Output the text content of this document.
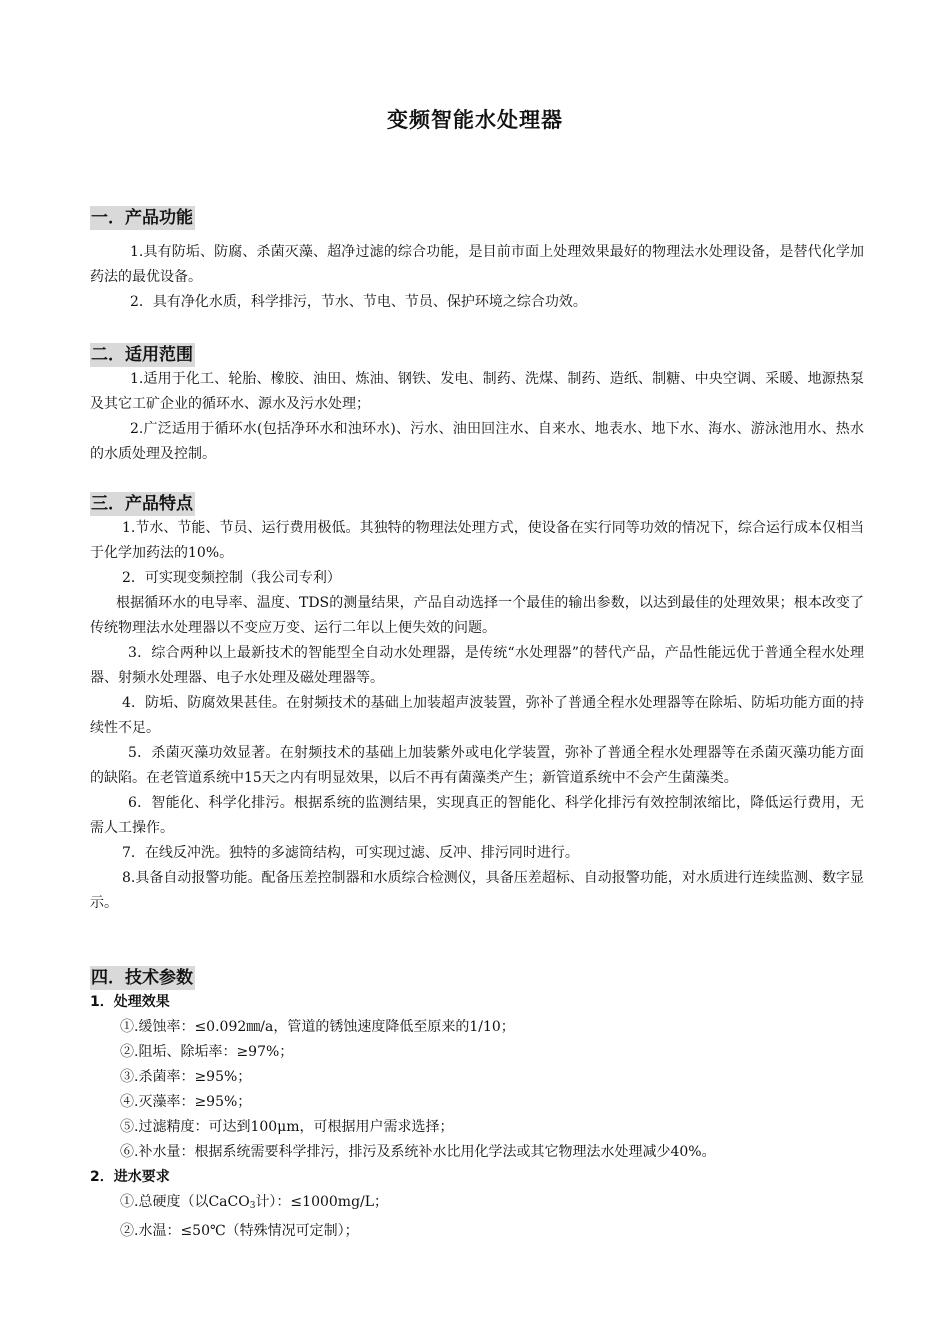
变频智能水处理器
一．产品功能

1.具有防垢、防腐、杀菌灭藻、超净过滤的综合功能，是目前市面上处理效果最好的物理法水处理设备，是替代化学加药法的最优设备。

2．具有净化水质，科学排污，节水、节电、节员、保护环境之综合功效。

二．适用范围

1.适用于化工、轮胎、橡胶、油田、炼油、钢铁、发电、制药、洗煤、制药、造纸、制糖、中央空调、采暖、地源热泵及其它工矿企业的循环水、源水及污水处理；

2.广泛适用于循环水(包括净环水和浊环水)、污水、油田回注水、自来水、地表水、地下水、海水、游泳池用水、热水的水质处理及控制。

三．产品特点

1.节水、节能、节员、运行费用极低。其独特的物理法处理方式，使设备在实行同等功效的情况下，综合运行成本仅相当于化学加药法的10%。

2．可实现变频控制（我公司专利）

根据循环水的电导率、温度、TDS的测量结果，产品自动选择一个最佳的输出参数，以达到最佳的处理效果；根本改变了传统物理法水处理器以不变应万变、运行二年以上便失效的问题。

3．综合两种以上最新技术的智能型全自动水处理器，是传统“水处理器”的替代产品，产品性能远优于普通全程水处理器、射频水处理器、电子水处理及磁处理器等。

4．防垢、防腐效果甚佳。在射频技术的基础上加装超声波装置，弥补了普通全程水处理器等在除垢、防垢功能方面的持续性不足。

5．杀菌灭藻功效显著。在射频技术的基础上加装紫外或电化学装置，弥补了普通全程水处理器等在杀菌灭藻功能方面的缺陷。在老管道系统中15天之内有明显效果，以后不再有菌藻类产生；新管道系统中不会产生菌藻类。

6．智能化、科学化排污。根据系统的监测结果，实现真正的智能化、科学化排污有效控制浓缩比，降低运行费用，无需人工操作。

7．在线反冲洗。独特的多滤筒结构，可实现过滤、反冲、排污同时进行。

8.具备自动报警功能。配备压差控制器和水质综合检测仪，具备压差超标、自动报警功能，对水质进行连续监测、数字显示。

四．技术参数

1．处理效果

①.缓蚀率：≤0.092㎜/a，管道的锈蚀速度降低至原来的1/10；

②.阻垢、除垢率：≥97%；

③.杀菌率：≥95%；

④.灭藻率：≥95%；

⑤.过滤精度：可达到100μm，可根据用户需求选择；

⑥.补水量：根据系统需要科学排污，排污及系统补水比用化学法或其它物理法水处理减少40%。

2．进水要求

①.总硬度（以CaCO$_3$计）：≤1000mg/L；

②.水温：≤50℃（特殊情况可定制）；
